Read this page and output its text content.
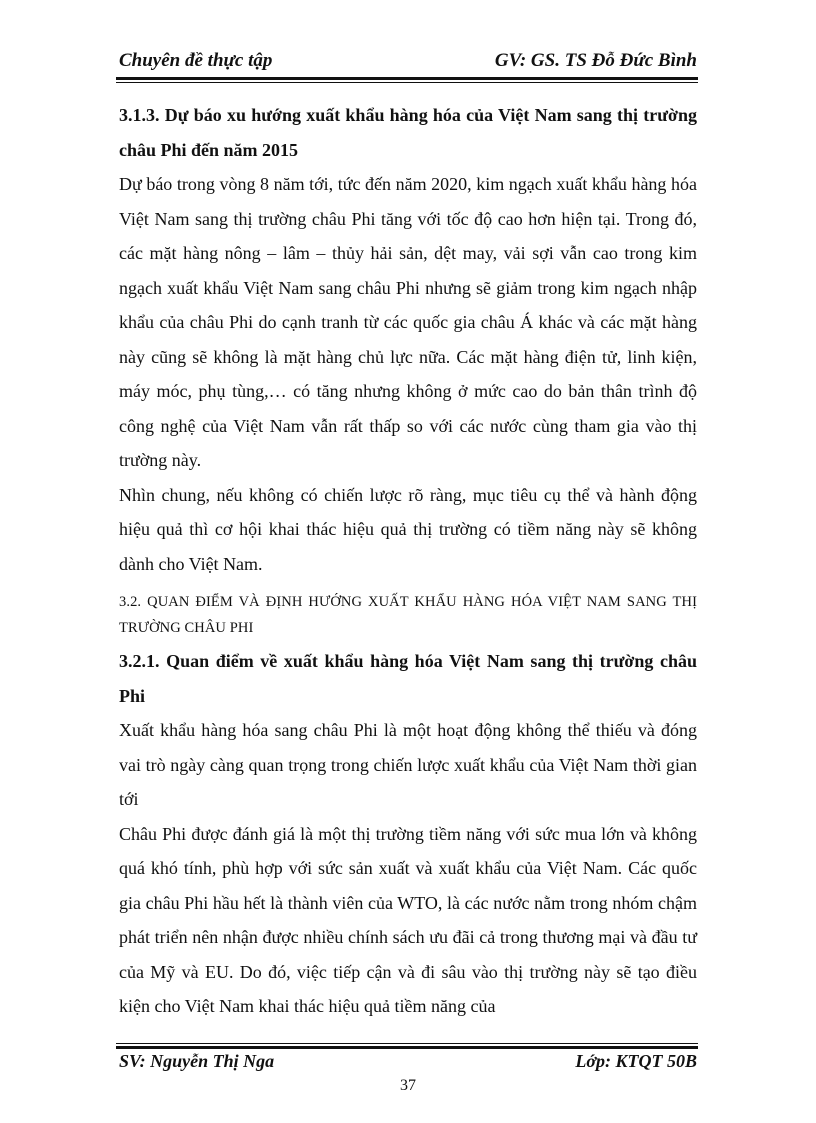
Chuyên đề thực tập	GV: GS. TS Đỗ Đức Bình

3.1.3. Dự báo xu hướng xuất khẩu hàng hóa của Việt Nam sang thị trường châu Phi đến năm 2015

Dự báo trong vòng 8 năm tới, tức đến năm 2020, kim ngạch xuất khẩu hàng hóa Việt Nam sang thị trường châu Phi tăng với tốc độ cao hơn hiện tại. Trong đó, các mặt hàng nông – lâm – thủy hải sản, dệt may, vải sợi vẫn cao trong kim ngạch xuất khẩu Việt Nam sang châu Phi nhưng sẽ giảm trong kim ngạch nhập khẩu của châu Phi do cạnh tranh từ các quốc gia châu Á khác và các mặt hàng này cũng sẽ không là mặt hàng chủ lực nữa. Các mặt hàng điện tử, linh kiện, máy móc, phụ tùng,… có tăng nhưng không ở mức cao do bản thân trình độ công nghệ của Việt Nam vẫn rất thấp so với các nước cùng tham gia vào thị trường này.

Nhìn chung, nếu không có chiến lược rõ ràng, mục tiêu cụ thể và hành động hiệu quả thì cơ hội khai thác hiệu quả thị trường có tiềm năng này sẽ không dành cho Việt Nam.

3.2. QUAN ĐIỂM VÀ ĐỊNH HƯỚNG XUẤT KHẨU HÀNG HÓA VIỆT NAM SANG THỊ TRƯỜNG CHÂU PHI

3.2.1. Quan điểm về xuất khẩu hàng hóa Việt Nam sang thị trường châu Phi

Xuất khẩu hàng hóa sang châu Phi là một hoạt động không thể thiếu và đóng vai trò ngày càng quan trọng trong chiến lược xuất khẩu của Việt Nam thời gian tới

Châu Phi được đánh giá là một thị trường tiềm năng với sức mua lớn và không quá khó tính, phù hợp với sức sản xuất và xuất khẩu của Việt Nam. Các quốc gia châu Phi hầu hết là thành viên của WTO, là các nước nằm trong nhóm chậm phát triển nên nhận được nhiều chính sách ưu đãi cả trong thương mại và đầu tư của Mỹ và EU. Do đó, việc tiếp cận và đi sâu vào thị trường này sẽ tạo điều kiện cho Việt Nam khai thác hiệu quả tiềm năng của

SV: Nguyễn Thị Nga	Lớp: KTQT 50B
37
